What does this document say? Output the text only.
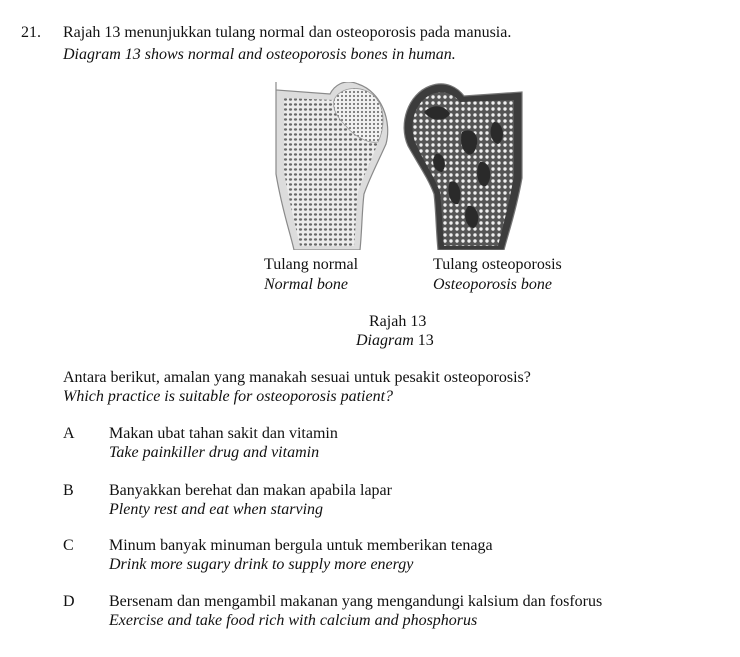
21. Rajah 13 menunjukkan tulang normal dan osteoporosis pada manusia.
Diagram 13 shows normal and osteoporosis bones in human.
Tulang normal
Normal bone
Tulang osteoporosis
Osteoporosis bone
Rajah 13
Diagram 13
Antara berikut, amalan yang manakah sesuai untuk pesakit osteoporosis?
Which practice is suitable for osteoporosis patient?
A Makan ubat tahan sakit dan vitamin
Take painkiller drug and vitamin
B Banyakkan berehat dan makan apabila lapar
Plenty rest and eat when starving
C Minum banyak minuman bergula untuk memberikan tenaga
Drink more sugary drink to supply more energy
D Bersenam dan mengambil makanan yang mengandungi kalsium dan fosforus
Exercise and take food rich with calcium and phosphorus
